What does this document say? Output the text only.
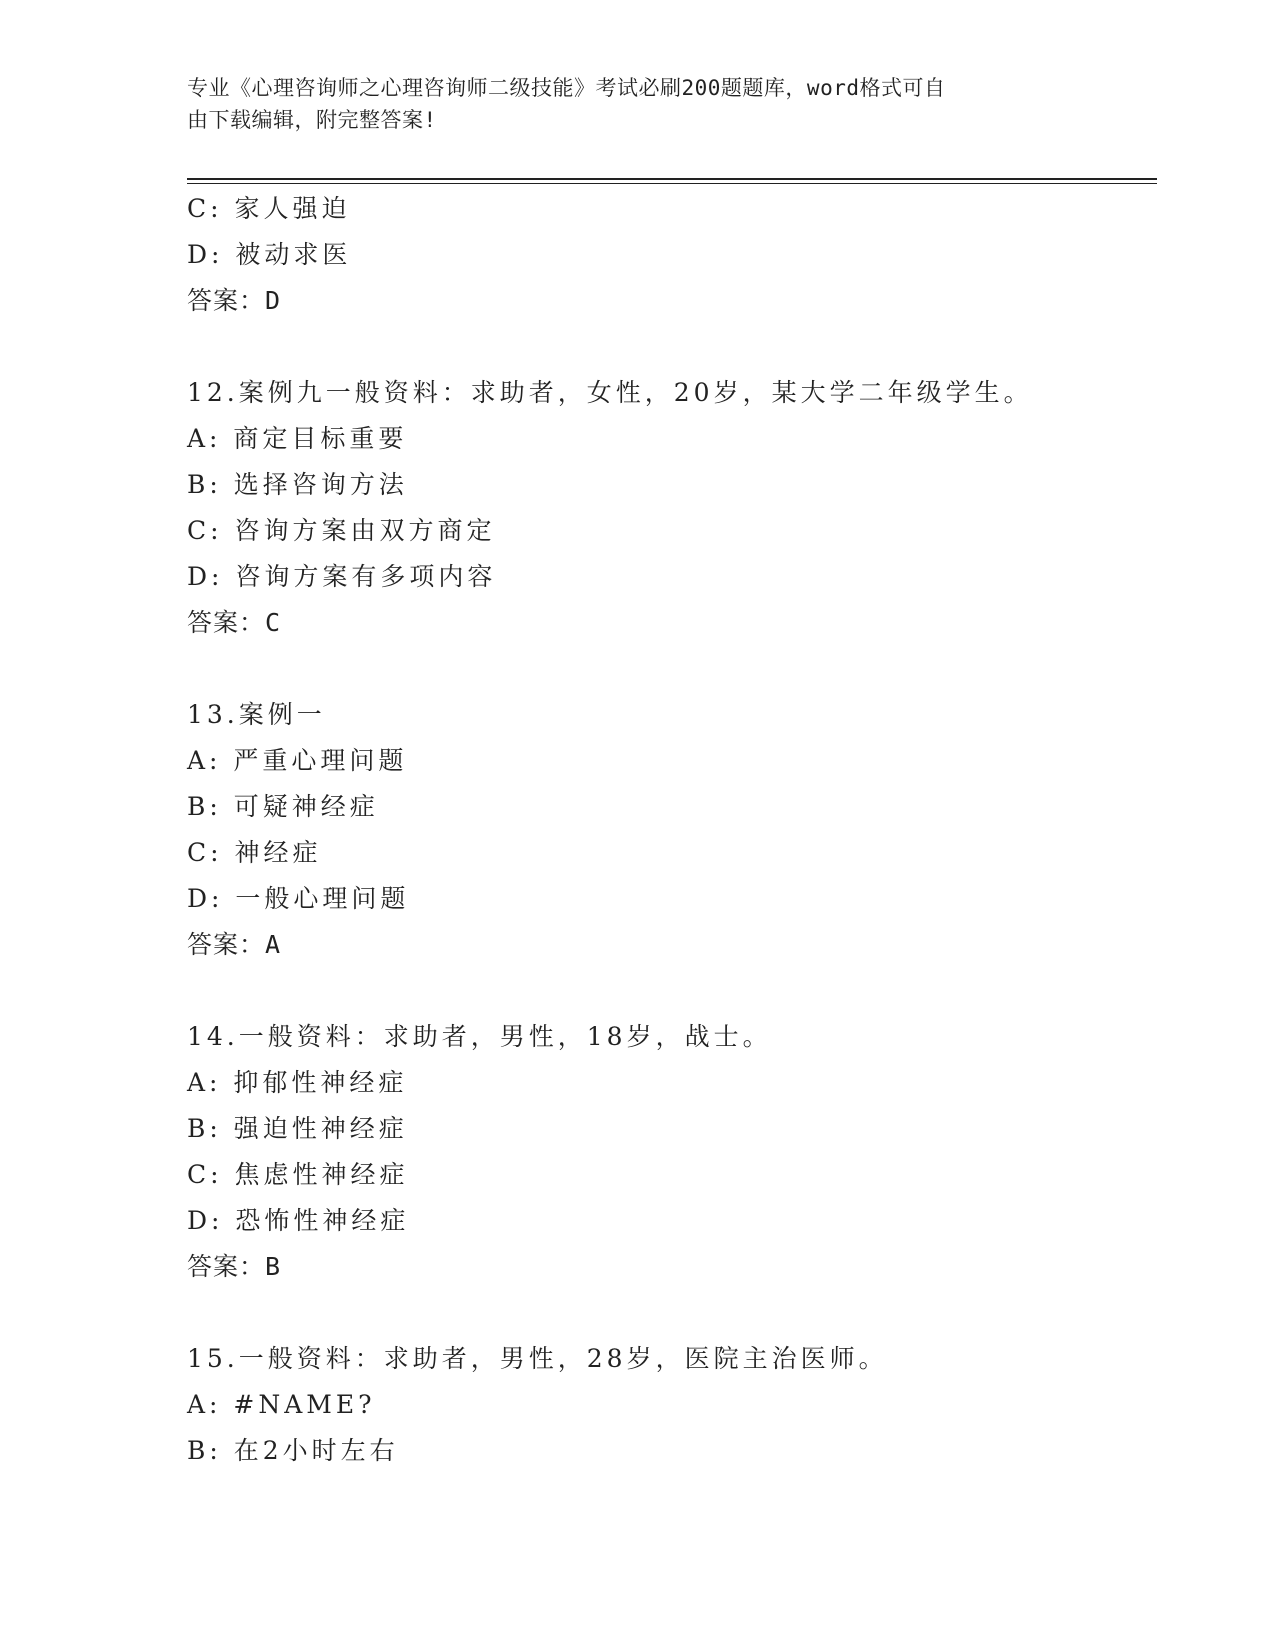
专业《心理咨询师之心理咨询师二级技能》考试必刷200题题库，word格式可自
由下载编辑，附完整答案!
C: 家人强迫
D: 被动求医
答案：D
12.案例九一般资料：求助者，女性，20岁，某大学二年级学生。
A: 商定目标重要
B: 选择咨询方法
C: 咨询方案由双方商定
D: 咨询方案有多项内容
答案：C
13.案例一
A: 严重心理问题
B: 可疑神经症
C: 神经症
D: 一般心理问题
答案：A
14.一般资料：求助者，男性，18岁，战士。
A: 抑郁性神经症
B: 强迫性神经症
C: 焦虑性神经症
D: 恐怖性神经症
答案：B
15.一般资料：求助者，男性，28岁，医院主治医师。
A: #NAME?
B: 在2小时左右
